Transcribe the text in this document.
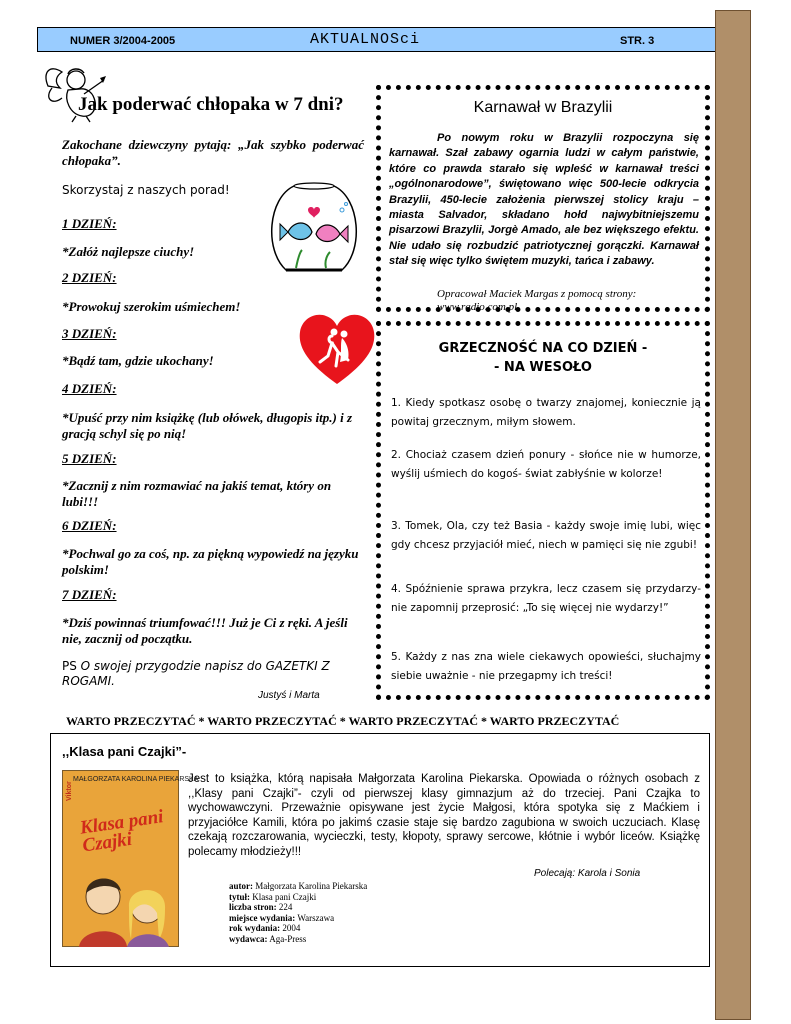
NUMER 3/2004-2005	AKTUALNOSci	STR. 3
Jak poderwać chłopaka w 7 dni?
Zakochane dziewczyny pytają: „Jak szybko poderwać chłopaka”.
Skorzystaj z naszych porad!
1 DZIEŃ:
*Załóż najlepsze ciuchy!
2 DZIEŃ:
*Prowokuj szerokim uśmiechem!
3 DZIEŃ:
*Bądź tam, gdzie ukochany!
4 DZIEŃ:
*Upuść przy nim książkę (lub ołówek, długopis itp.) i z gracją schyl się po nią!
5 DZIEŃ:
*Zacznij z nim rozmawiać na jakiś temat, który on lubi!!!
6 DZIEŃ:
*Pochwal go za coś, np. za piękną wypowiedź na języku polskim!
7 DZIEŃ:
*Dziś powinnaś triumfować!!! Już je Ci z ręki. A jeśli nie, zacznij od początku.
PS O swojej przygodzie napisz do GAZETKI Z ROGAMI.
Justyś i Marta
Karnawał w Brazylii
Po nowym roku w Brazylii rozpoczyna się karnawał. Szał zabawy ogarnia ludzi w całym państwie, które co prawda starało się wpleść w karnawał treści „ogólnonarodowe”, świętowano więc 500-lecie odkrycia Brazylii, 450-lecie założenia pierwszej stolicy kraju – miasta Salvador, składano hołd najwybitniejszemu pisarzowi Brazylii, Jorgè Amado, ale bez większego efektu. Nie udało się rozbudzić patriotycznej gorączki. Karnawał stał się więc tylko świętem muzyki, tańca i zabawy.
Opracował Maciek Margas z pomocą strony: www.radio.com.pl
GRZECZNOŚĆ NA CO DZIEŃ -
- NA WESOŁO
1. Kiedy spotkasz osobę o twarzy znajomej, koniecznie ją powitaj grzecznym, miłym słowem.
2. Chociaż czasem dzień ponury - słońce nie w humorze, wyślij uśmiech do kogoś- świat zabłyśnie w kolorze!
3. Tomek, Ola, czy też Basia - każdy swoje imię lubi, więc gdy chcesz przyjaciół mieć, niech w pamięci się nie zgubi!
4. Spóźnienie sprawa przykra, lecz czasem się przydarzy- nie zapomnij przeprosić: „To się więcej nie wydarzy!”
5. Każdy z nas zna wiele ciekawych opowieści, słuchajmy siebie uważnie - nie przegapmy ich treści!
WARTO PRZECZYTAĆ * WARTO PRZECZYTAĆ * WARTO PRZECZYTAĆ * WARTO PRZECZYTAĆ
,,Klasa pani Czajki”-
MAŁGORZATA KAROLINA PIEKARSKA
Viktor
Klasa pani Czajki
Jest to książka, którą napisała Małgorzata Karolina Piekarska. Opowiada o różnych osobach z ,,Klasy pani Czajki”- czyli od pierwszej klasy gimnazjum aż do trzeciej. Pani Czajka to wychowawczyni. Przeważnie opisywane jest życie Małgosi, która spotyka się z Maćkiem i przyjaciółce Kamili, która po jakimś czasie staje się bardzo zagubiona w swoich uczuciach. Klasę czekają rozczarowania, wycieczki, testy, kłopoty, sprawy sercowe, kłótnie i wybór liceów. Książkę polecamy młodzieży!!!
Polecają: Karola i Sonia
autor: Małgorzata Karolina Piekarska
tytuł: Klasa pani Czajki
liczba stron: 224
miejsce wydania: Warszawa
rok wydania: 2004
wydawca: Aga-Press
